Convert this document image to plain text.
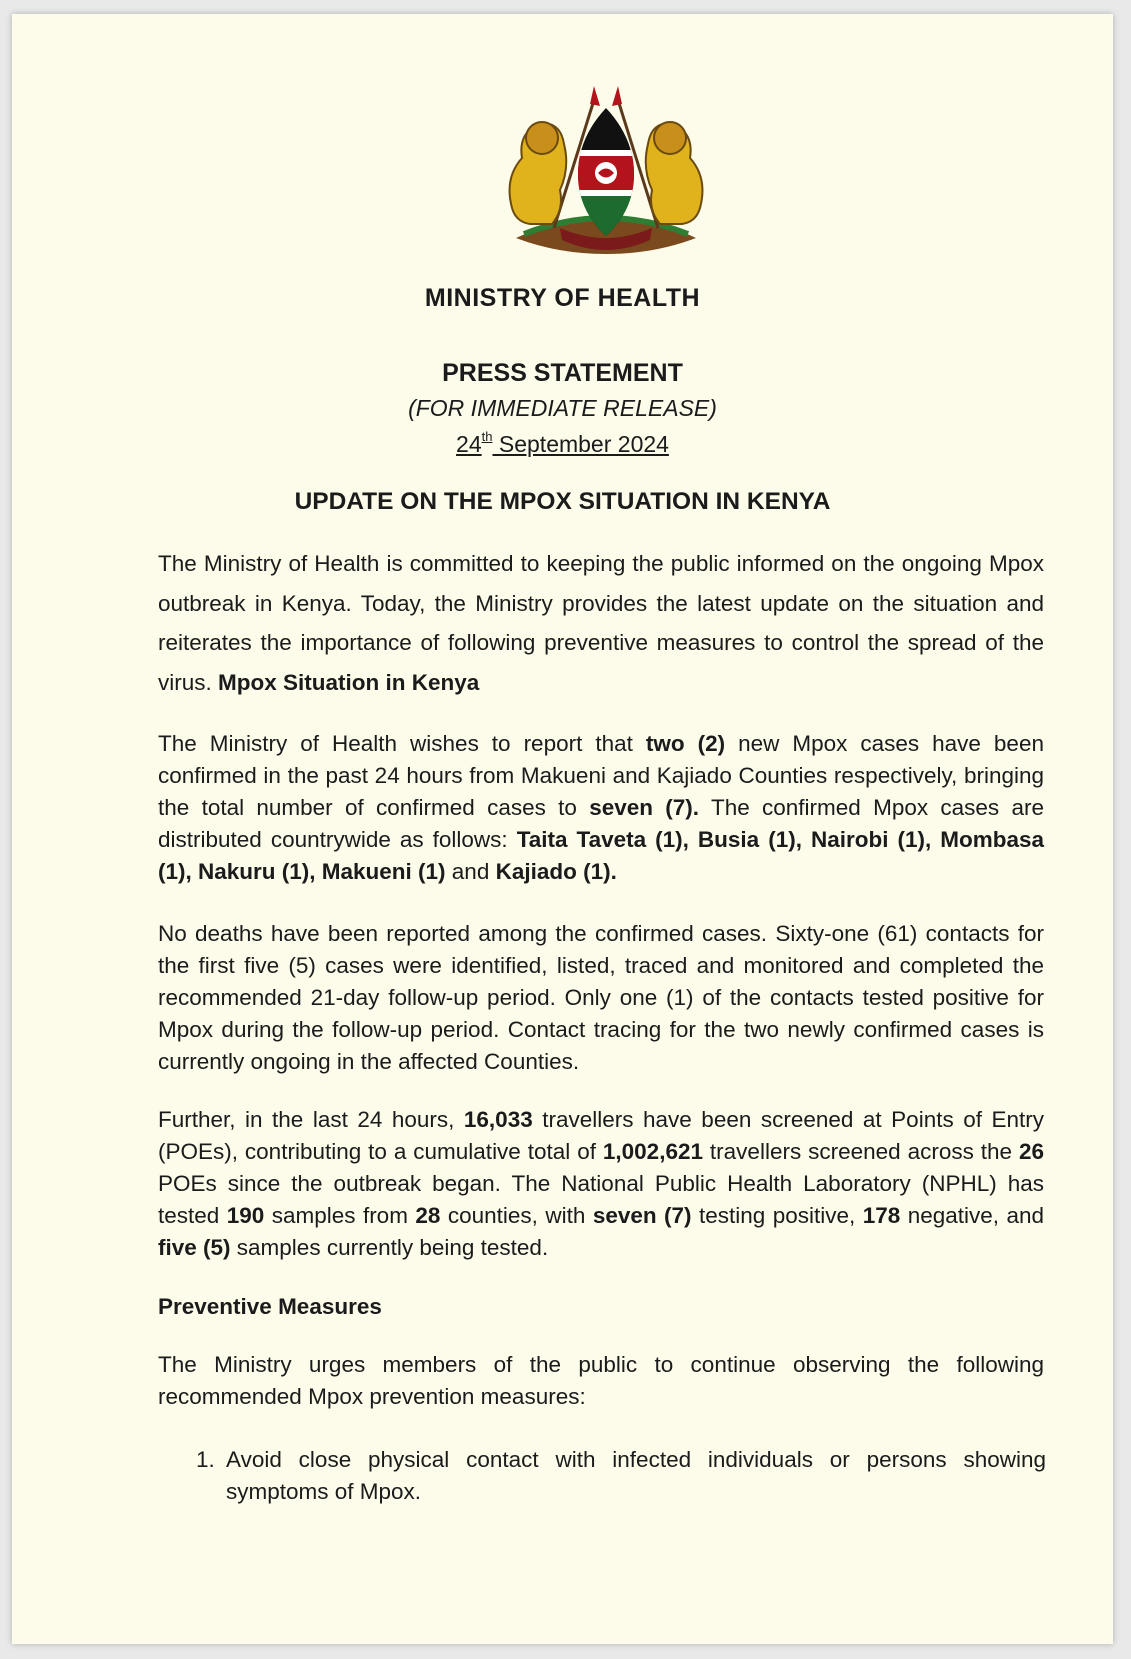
MINISTRY OF HEALTH
PRESS STATEMENT
(FOR IMMEDIATE RELEASE)
24th September 2024
UPDATE ON THE MPOX SITUATION IN KENYA

The Ministry of Health is committed to keeping the public informed on the ongoing Mpox outbreak in Kenya. Today, the Ministry provides the latest update on the situation and reiterates the importance of following preventive measures to control the spread of the virus. Mpox Situation in Kenya

The Ministry of Health wishes to report that two (2) new Mpox cases have been confirmed in the past 24 hours from Makueni and Kajiado Counties respectively, bringing the total number of confirmed cases to seven (7). The confirmed Mpox cases are distributed countrywide as follows: Taita Taveta (1), Busia (1), Nairobi (1), Mombasa (1), Nakuru (1), Makueni (1) and Kajiado (1).

No deaths have been reported among the confirmed cases. Sixty-one (61) contacts for the first five (5) cases were identified, listed, traced and monitored and completed the recommended 21-day follow-up period. Only one (1) of the contacts tested positive for Mpox during the follow-up period. Contact tracing for the two newly confirmed cases is currently ongoing in the affected Counties.

Further, in the last 24 hours, 16,033 travellers have been screened at Points of Entry (POEs), contributing to a cumulative total of 1,002,621 travellers screened across the 26 POEs since the outbreak began. The National Public Health Laboratory (NPHL) has tested 190 samples from 28 counties, with seven (7) testing positive, 178 negative, and five (5) samples currently being tested.

Preventive Measures

The Ministry urges members of the public to continue observing the following recommended Mpox prevention measures:

1. Avoid close physical contact with infected individuals or persons showing symptoms of Mpox.
